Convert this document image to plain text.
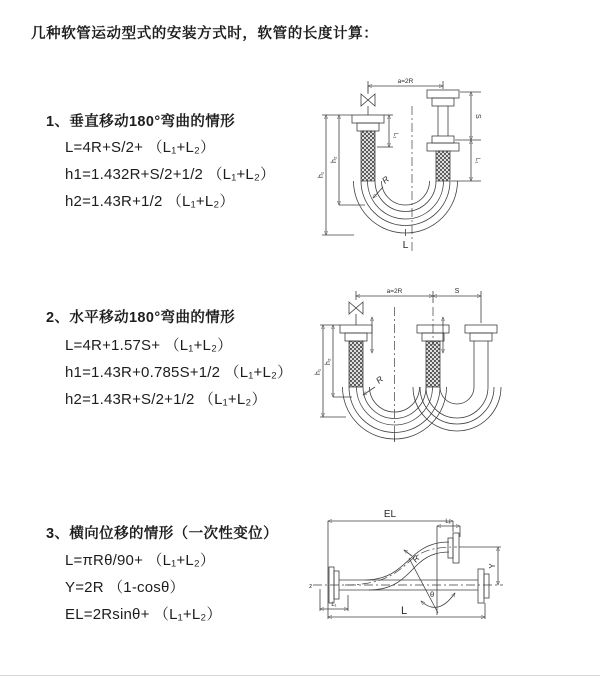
几种软管运动型式的安装方式时，软管的长度计算：
1、垂直移动180°弯曲的情形
L=4R+S/2+ （L₁+L₂）
h1=1.432R+S/2+1/2 （L₁+L₂）
h2=1.43R+1/2 （L₁+L₂）
2、水平移动180°弯曲的情形
L=4R+1.57S+ （L₁+L₂）
h1=1.43R+0.785S+1/2 （L₁+L₂）
h2=1.43R+S/2+1/2 （L₁+L₂）
3、横向位移的情形（一次性变位）
L=πRθ/90+ （L₁+L₂）
Y=2R （1-cosθ）
EL=2Rsinθ+ （L₁+L₂）
a=2R
L₁
S
L₁
h₁
h₂
R
L
a=2R	S
h₁
h₂
R
EL
L₁
z
Y
θ
R
L₁	L
